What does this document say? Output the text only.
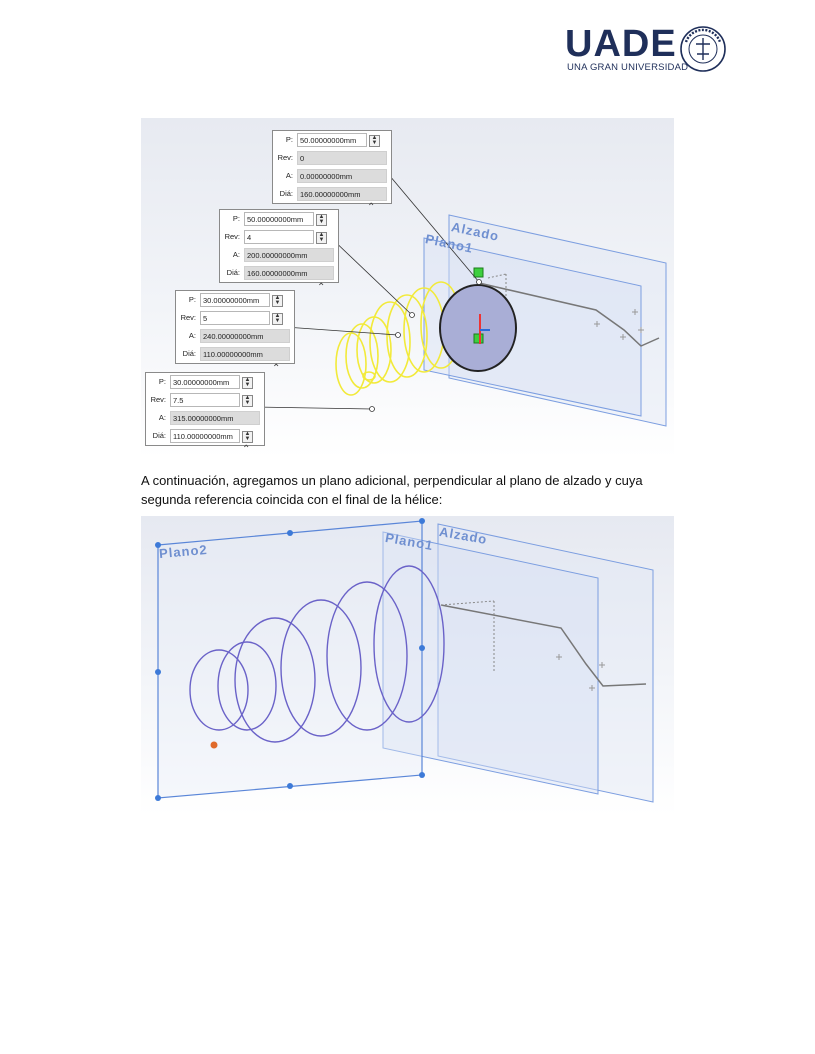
UADE
UNA GRAN UNIVERSIDAD
Alzado
Plano1
P: 50.00000000mm	▲
▼
Rev: 0
A: 0.00000000mm
Diá: 160.00000000mm
⌃
P: 50.00000000mm	▲
▼
Rev: 4	▲
▼
A: 200.00000000mm
Diá: 160.00000000mm
⌃
P: 30.00000000mm	▲
▼
Rev: 5	▲
▼
A: 240.00000000mm
Diá: 110.00000000mm
⌃
P: 30.00000000mm	▲
▼
Rev: 7.5	▲
▼
A: 315.00000000mm
Diá: 110.00000000mm	▲
▼
⌃
A continuación, agregamos un plano adicional, perpendicular al plano de alzado y cuya
segunda referencia coincida con el final de la hélice:
Plano2	Plano1 Alzado
